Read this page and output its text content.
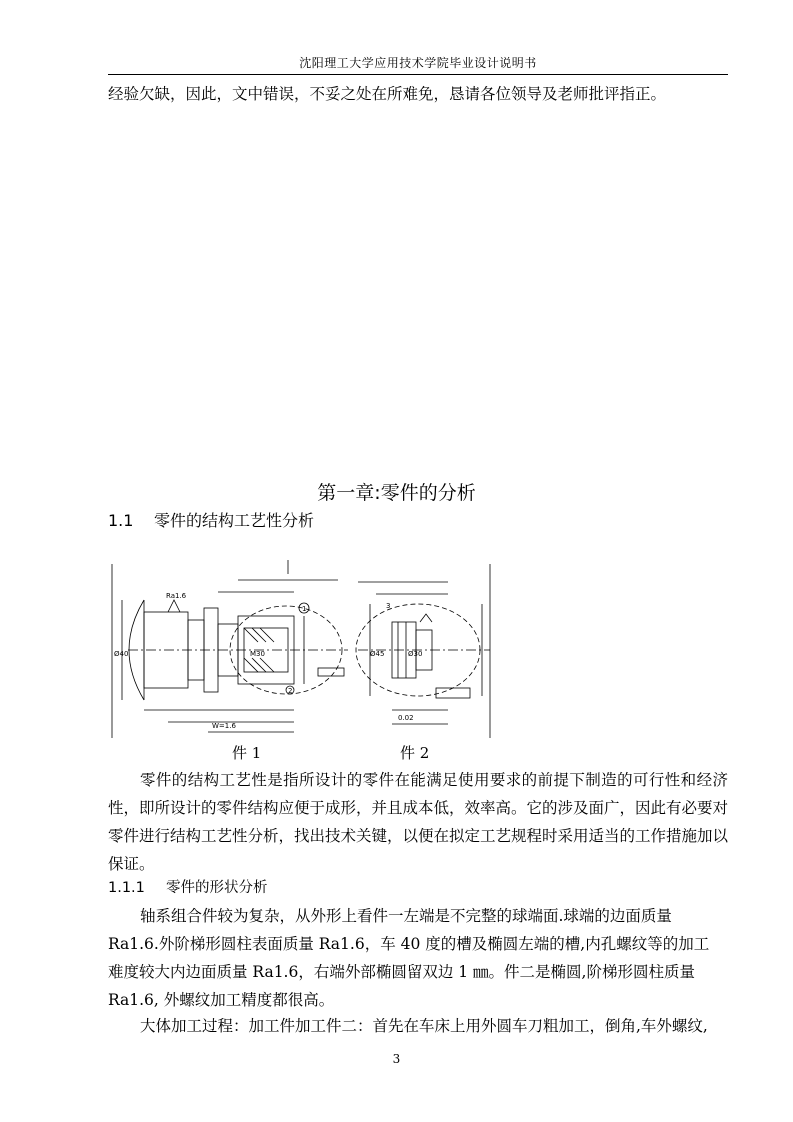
沈阳理工大学应用技术学院毕业设计说明书
经验欠缺，因此，文中错误，不妥之处在所难免，恳请各位领导及老师批评指正。
第一章:零件的分析
1.1 零件的结构工艺性分析
Ra1.6
W=1.6
M30
Ø40
1
2
3
Ø45	Ø30
0.02
件 1	件 2
零件的结构工艺性是指所设计的零件在能满足使用要求的前提下制造的可行性和经济性，即所设计的零件结构应便于成形，并且成本低，效率高。它的涉及面广，因此有必要对零件进行结构工艺性分析，找出技术关键，以便在拟定工艺规程时采用适当的工作措施加以保证。
1.1.1 零件的形状分析
轴系组合件较为复杂，从外形上看件一左端是不完整的球端面.球端的边面质量
Ra1.6.外阶梯形圆柱表面质量 Ra1.6，车 40 度的槽及椭圆左端的槽,内孔螺纹等的加工
难度较大内边面质量 Ra1.6，右端外部椭圆留双边 1 ㎜。件二是椭圆,阶梯形圆柱质量
Ra1.6, 外螺纹加工精度都很高。
大体加工过程：加工件加工件二：首先在车床上用外圆车刀粗加工，倒角,车外螺纹,
3
